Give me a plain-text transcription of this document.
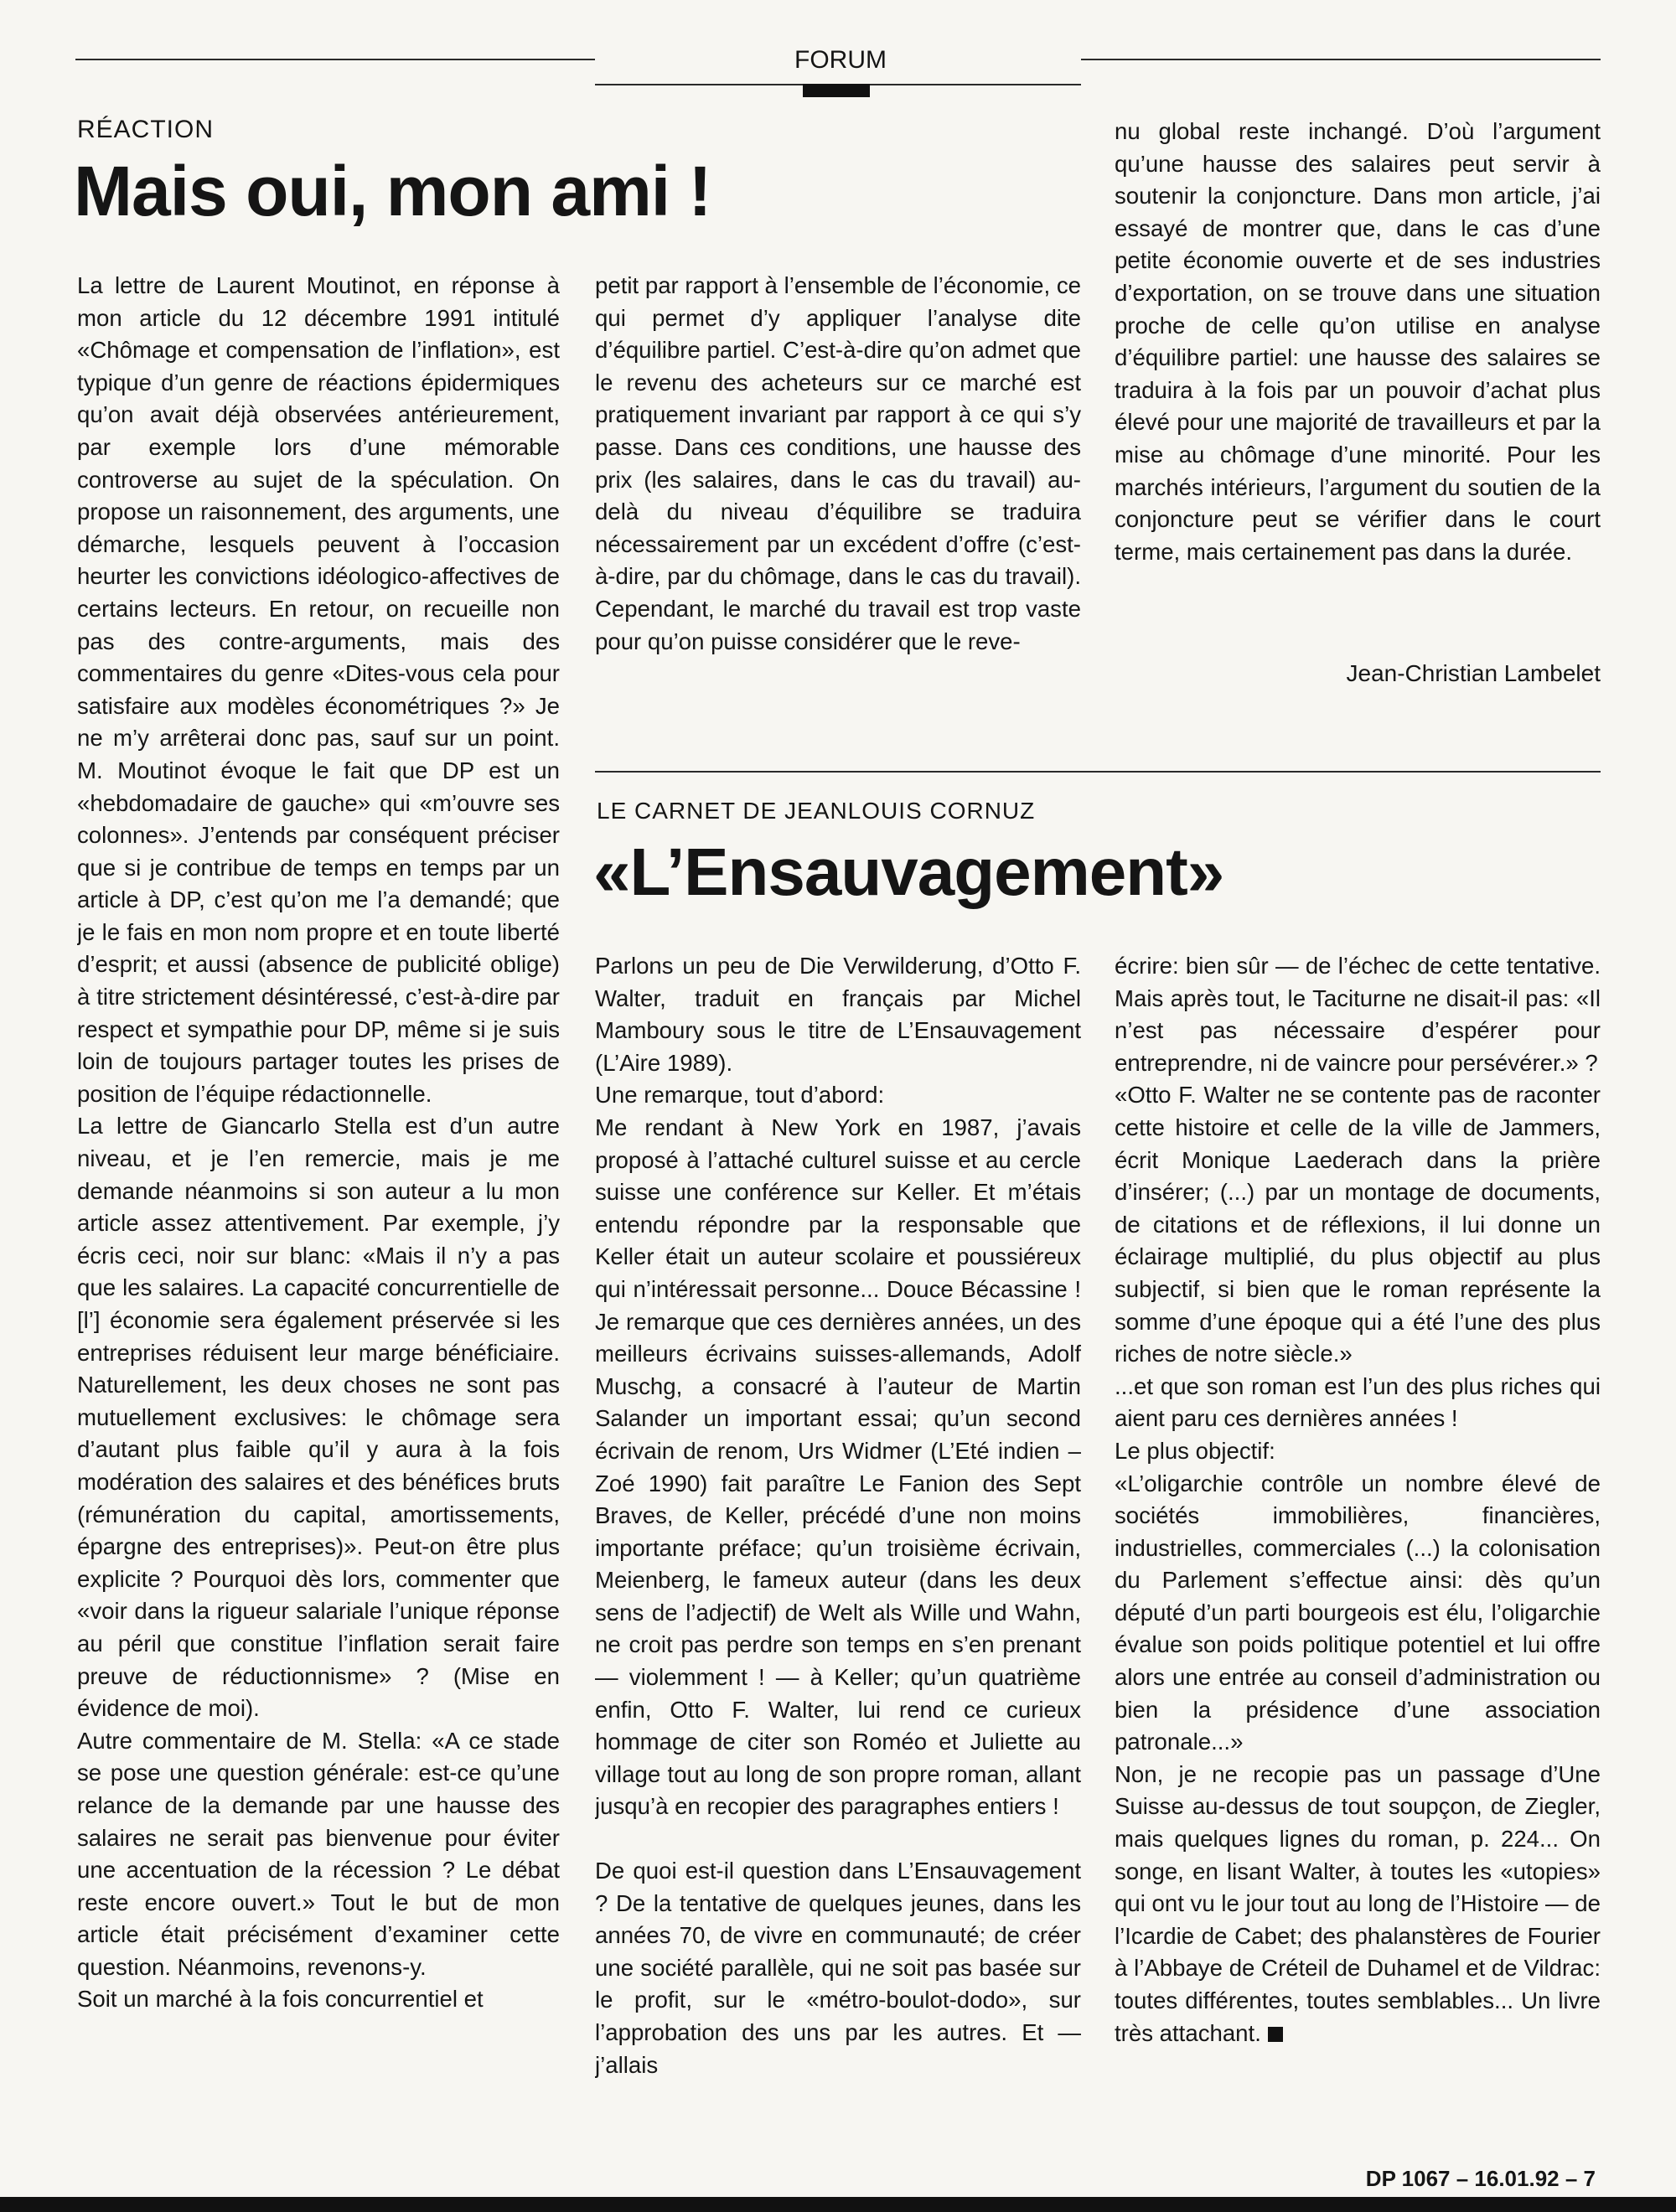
FORUM
RÉACTION
Mais oui, mon ami !

La lettre de Laurent Moutinot, en réponse à mon article du 12 décembre 1991 intitulé «Chômage et compensation de l’inflation», est typique d’un genre de réactions épidermiques qu’on avait déjà observées antérieurement, par exemple lors d’une mémorable controverse au sujet de la spéculation. On propose un raisonnement, des arguments, une démarche, lesquels peuvent à l’occasion heurter les convictions idéologico-affectives de certains lecteurs. En retour, on recueille non pas des contre-arguments, mais des commentaires du genre «Dites-vous cela pour satisfaire aux modèles économétriques ?» Je ne m’y arrêterai donc pas, sauf sur un point. M. Moutinot évoque le fait que DP est un «hebdomadaire de gauche» qui «m’ouvre ses colonnes». J’entends par conséquent préciser que si je contribue de temps en temps par un article à DP, c’est qu’on me l’a demandé; que je le fais en mon nom propre et en toute liberté d’esprit; et aussi (absence de publicité oblige) à titre strictement désintéressé, c’est-à-dire par respect et sympathie pour DP, même si je suis loin de toujours partager toutes les prises de position de l’équipe rédactionnelle.

La lettre de Giancarlo Stella est d’un autre niveau, et je l’en remercie, mais je me demande néanmoins si son auteur a lu mon article assez attentivement. Par exemple, j’y écris ceci, noir sur blanc: «Mais il n’y a pas que les salaires. La capacité concurrentielle de [l’] économie sera également préservée si les entreprises réduisent leur marge bénéficiaire. Naturellement, les deux choses ne sont pas mutuellement exclusives: le chômage sera d’autant plus faible qu’il y aura à la fois modération des salaires et des bénéfices bruts (rémunération du capital, amortissements, épargne des entreprises)». Peut-on être plus explicite ? Pourquoi dès lors, commenter que «voir dans la rigueur salariale l’unique réponse au péril que constitue l’inflation serait faire preuve de réductionnisme» ? (Mise en évidence de moi).

Autre commentaire de M. Stella: «A ce stade se pose une question générale: est-ce qu’une relance de la demande par une hausse des salaires ne serait pas bienvenue pour éviter une accentuation de la récession ? Le débat reste encore ouvert.» Tout le but de mon article était précisément d’examiner cette question. Néanmoins, revenons-y.

Soit un marché à la fois concurrentiel et

petit par rapport à l’ensemble de l’économie, ce qui permet d’y appliquer l’analyse dite d’équilibre partiel. C’est-à-dire qu’on admet que le revenu des acheteurs sur ce marché est pratiquement invariant par rapport à ce qui s’y passe. Dans ces conditions, une hausse des prix (les salaires, dans le cas du travail) au-delà du niveau d’équilibre se traduira nécessairement par un excédent d’offre (c’est-à-dire, par du chômage, dans le cas du travail). Cependant, le marché du travail est trop vaste pour qu’on puisse considérer que le reve-

nu global reste inchangé. D’où l’argument qu’une hausse des salaires peut servir à soutenir la conjoncture. Dans mon article, j’ai essayé de montrer que, dans le cas d’une petite économie ouverte et de ses industries d’exportation, on se trouve dans une situation proche de celle qu’on utilise en analyse d’équilibre partiel: une hausse des salaires se traduira à la fois par un pouvoir d’achat plus élevé pour une majorité de travailleurs et par la mise au chômage d’une minorité. Pour les marchés intérieurs, l’argument du soutien de la conjoncture peut se vérifier dans le court terme, mais certainement pas dans la durée.

Jean-Christian Lambelet
LE CARNET DE JEANLOUIS CORNUZ
«L’Ensauvagement»

Parlons un peu de Die Verwilderung, d’Otto F. Walter, traduit en français par Michel Mamboury sous le titre de L’Ensauvagement (L’Aire 1989).

Une remarque, tout d’abord:

Me rendant à New York en 1987, j’avais proposé à l’attaché culturel suisse et au cercle suisse une conférence sur Keller. Et m’étais entendu répondre par la responsable que Keller était un auteur scolaire et poussiéreux qui n’intéressait personne... Douce Bécassine ! Je remarque que ces dernières années, un des meilleurs écrivains suisses-allemands, Adolf Muschg, a consacré à l’auteur de Martin Salander un important essai; qu’un second écrivain de renom, Urs Widmer (L’Eté indien – Zoé 1990) fait paraître Le Fanion des Sept Braves, de Keller, précédé d’une non moins importante préface; qu’un troisième écrivain, Meienberg, le fameux auteur (dans les deux sens de l’adjectif) de Welt als Wille und Wahn, ne croit pas perdre son temps en s’en prenant — violemment ! — à Keller; qu’un quatrième enfin, Otto F. Walter, lui rend ce curieux hommage de citer son Roméo et Juliette au village tout au long de son propre roman, allant jusqu’à en recopier des paragraphes entiers !

De quoi est-il question dans L’Ensauvagement ? De la tentative de quelques jeunes, dans les années 70, de vivre en communauté; de créer une société parallèle, qui ne soit pas basée sur le profit, sur le «métro-boulot-dodo», sur l’approbation des uns par les autres. Et — j’allais

écrire: bien sûr — de l’échec de cette tentative. Mais après tout, le Taciturne ne disait-il pas: «Il n’est pas nécessaire d’espérer pour entreprendre, ni de vaincre pour persévérer.» ?

«Otto F. Walter ne se contente pas de raconter cette histoire et celle de la ville de Jammers, écrit Monique Laederach dans la prière d’insérer; (...) par un montage de documents, de citations et de réflexions, il lui donne un éclairage multiplié, du plus objectif au plus subjectif, si bien que le roman représente la somme d’une époque qui a été l’une des plus riches de notre siècle.»

...et que son roman est l’un des plus riches qui aient paru ces dernières années !

Le plus objectif:

«L’oligarchie contrôle un nombre élevé de sociétés immobilières, financières, industrielles, commerciales (...) la colonisation du Parlement s’effectue ainsi: dès qu’un député d’un parti bourgeois est élu, l’oligarchie évalue son poids politique potentiel et lui offre alors une entrée au conseil d’administration ou bien la présidence d’une association patronale...»

Non, je ne recopie pas un passage d’Une Suisse au-dessus de tout soupçon, de Ziegler, mais quelques lignes du roman, p. 224... On songe, en lisant Walter, à toutes les «utopies» qui ont vu le jour tout au long de l’Histoire — de l’Icardie de Cabet; des phalanstères de Fourier à l’Abbaye de Créteil de Duhamel et de Vildrac: toutes différentes, toutes semblables... Un livre très attachant.

DP 1067 – 16.01.92 – 7
